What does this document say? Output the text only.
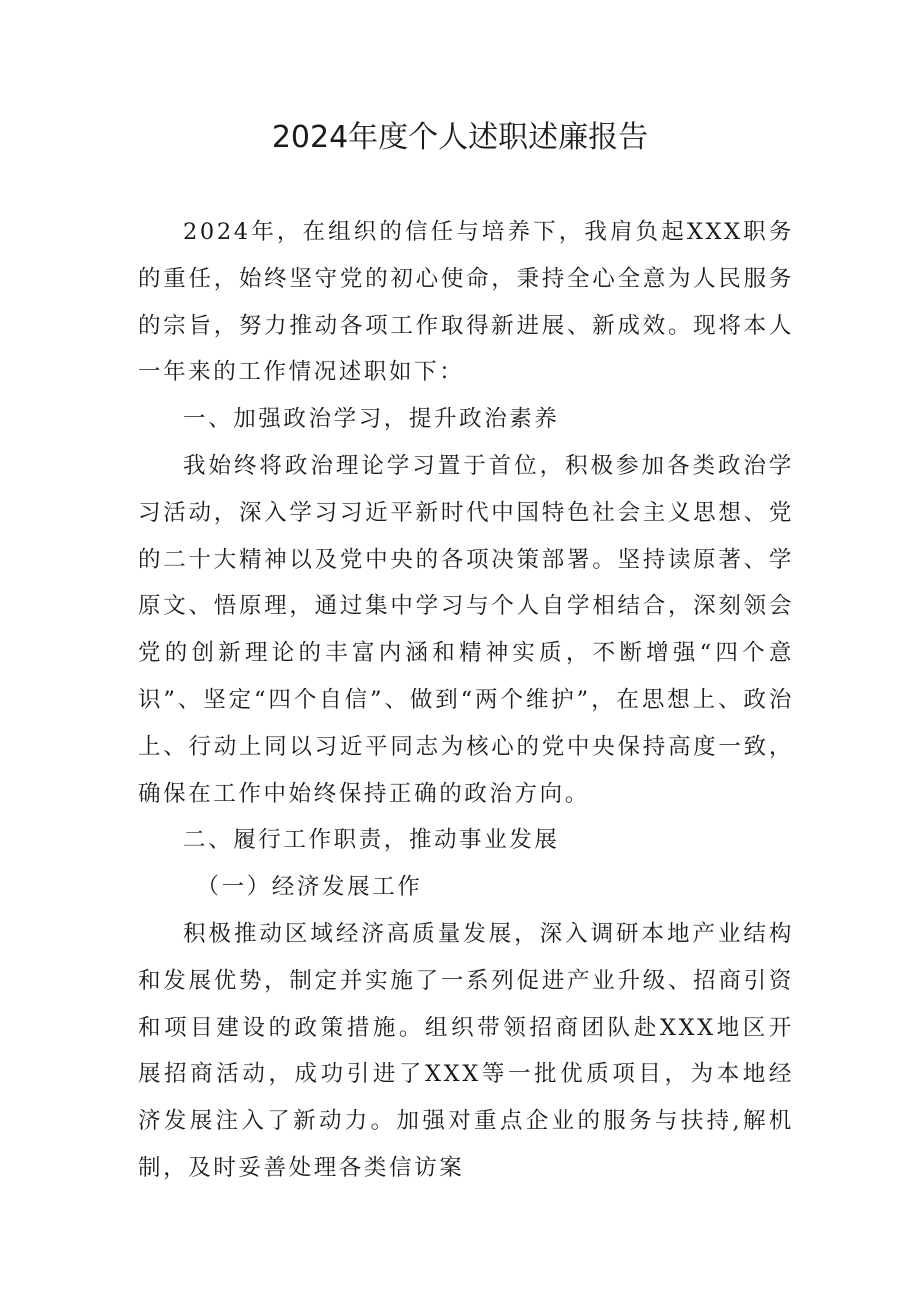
2024年度个人述职述廉报告

2024年，在组织的信任与培养下，我肩负起XXX职务的重任，始终坚守党的初心使命，秉持全心全意为人民服务的宗旨，努力推动各项工作取得新进展、新成效。现将本人一年来的工作情况述职如下：

一、加强政治学习，提升政治素养

我始终将政治理论学习置于首位，积极参加各类政治学习活动，深入学习习近平新时代中国特色社会主义思想、党的二十大精神以及党中央的各项决策部署。坚持读原著、学原文、悟原理，通过集中学习与个人自学相结合，深刻领会党的创新理论的丰富内涵和精神实质，不断增强“四个意识”、坚定“四个自信”、做到“两个维护”，在思想上、政治上、行动上同以习近平同志为核心的党中央保持高度一致，确保在工作中始终保持正确的政治方向。

二、履行工作职责，推动事业发展

（一）经济发展工作

积极推动区域经济高质量发展，深入调研本地产业结构和发展优势，制定并实施了一系列促进产业升级、招商引资和项目建设的政策措施。组织带领招商团队赴XXX地区开展招商活动，成功引进了XXX等一批优质项目，为本地经济发展注入了新动力。加强对重点企业的服务与扶持,解机制，及时妥善处理各类信访案
